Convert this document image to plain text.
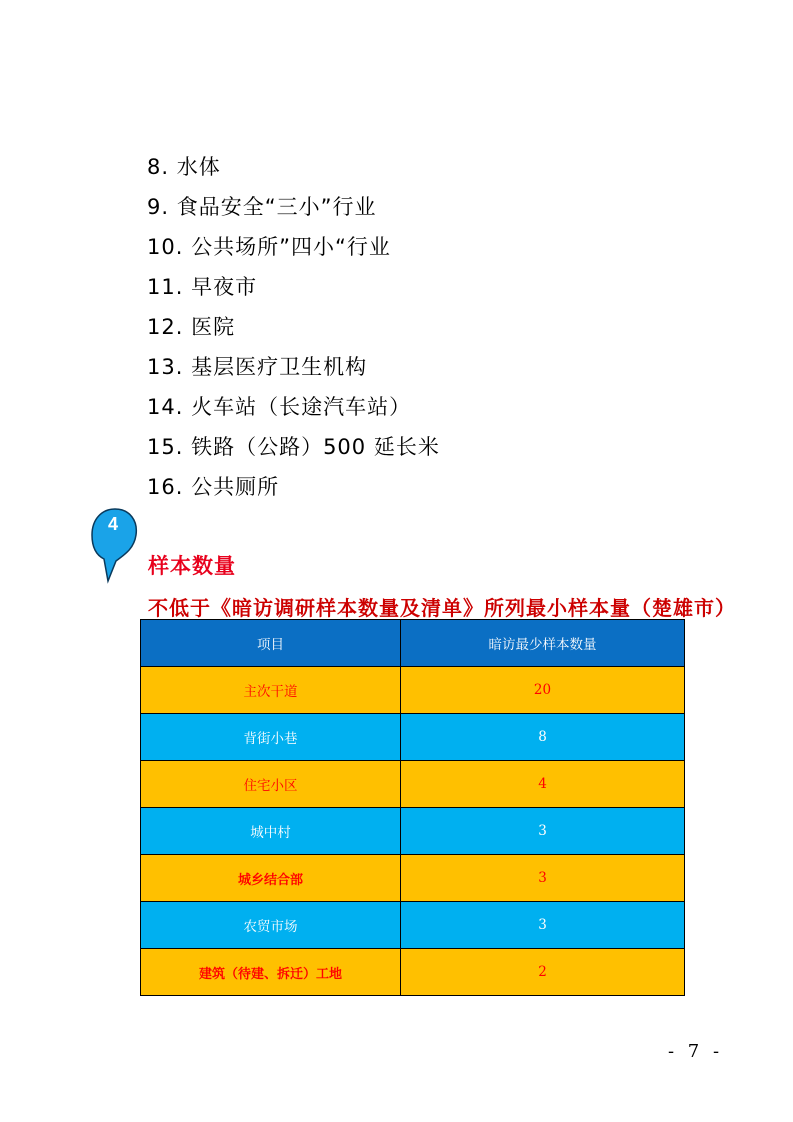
8. 水体
9. 食品安全“三小”行业
10. 公共场所”四小“行业
11. 早夜市
12. 医院
13. 基层医疗卫生机构
14. 火车站（长途汽车站）
15. 铁路（公路）500 延长米
16. 公共厕所
4
样本数量
不低于《暗访调研样本数量及清单》所列最小样本量（楚雄市）
项目	暗访最少样本数量
主次干道	20
背街小巷	8
住宅小区	4
城中村	3
城乡结合部	3
农贸市场	3
建筑（待建、拆迁）工地	2
- 7 -
